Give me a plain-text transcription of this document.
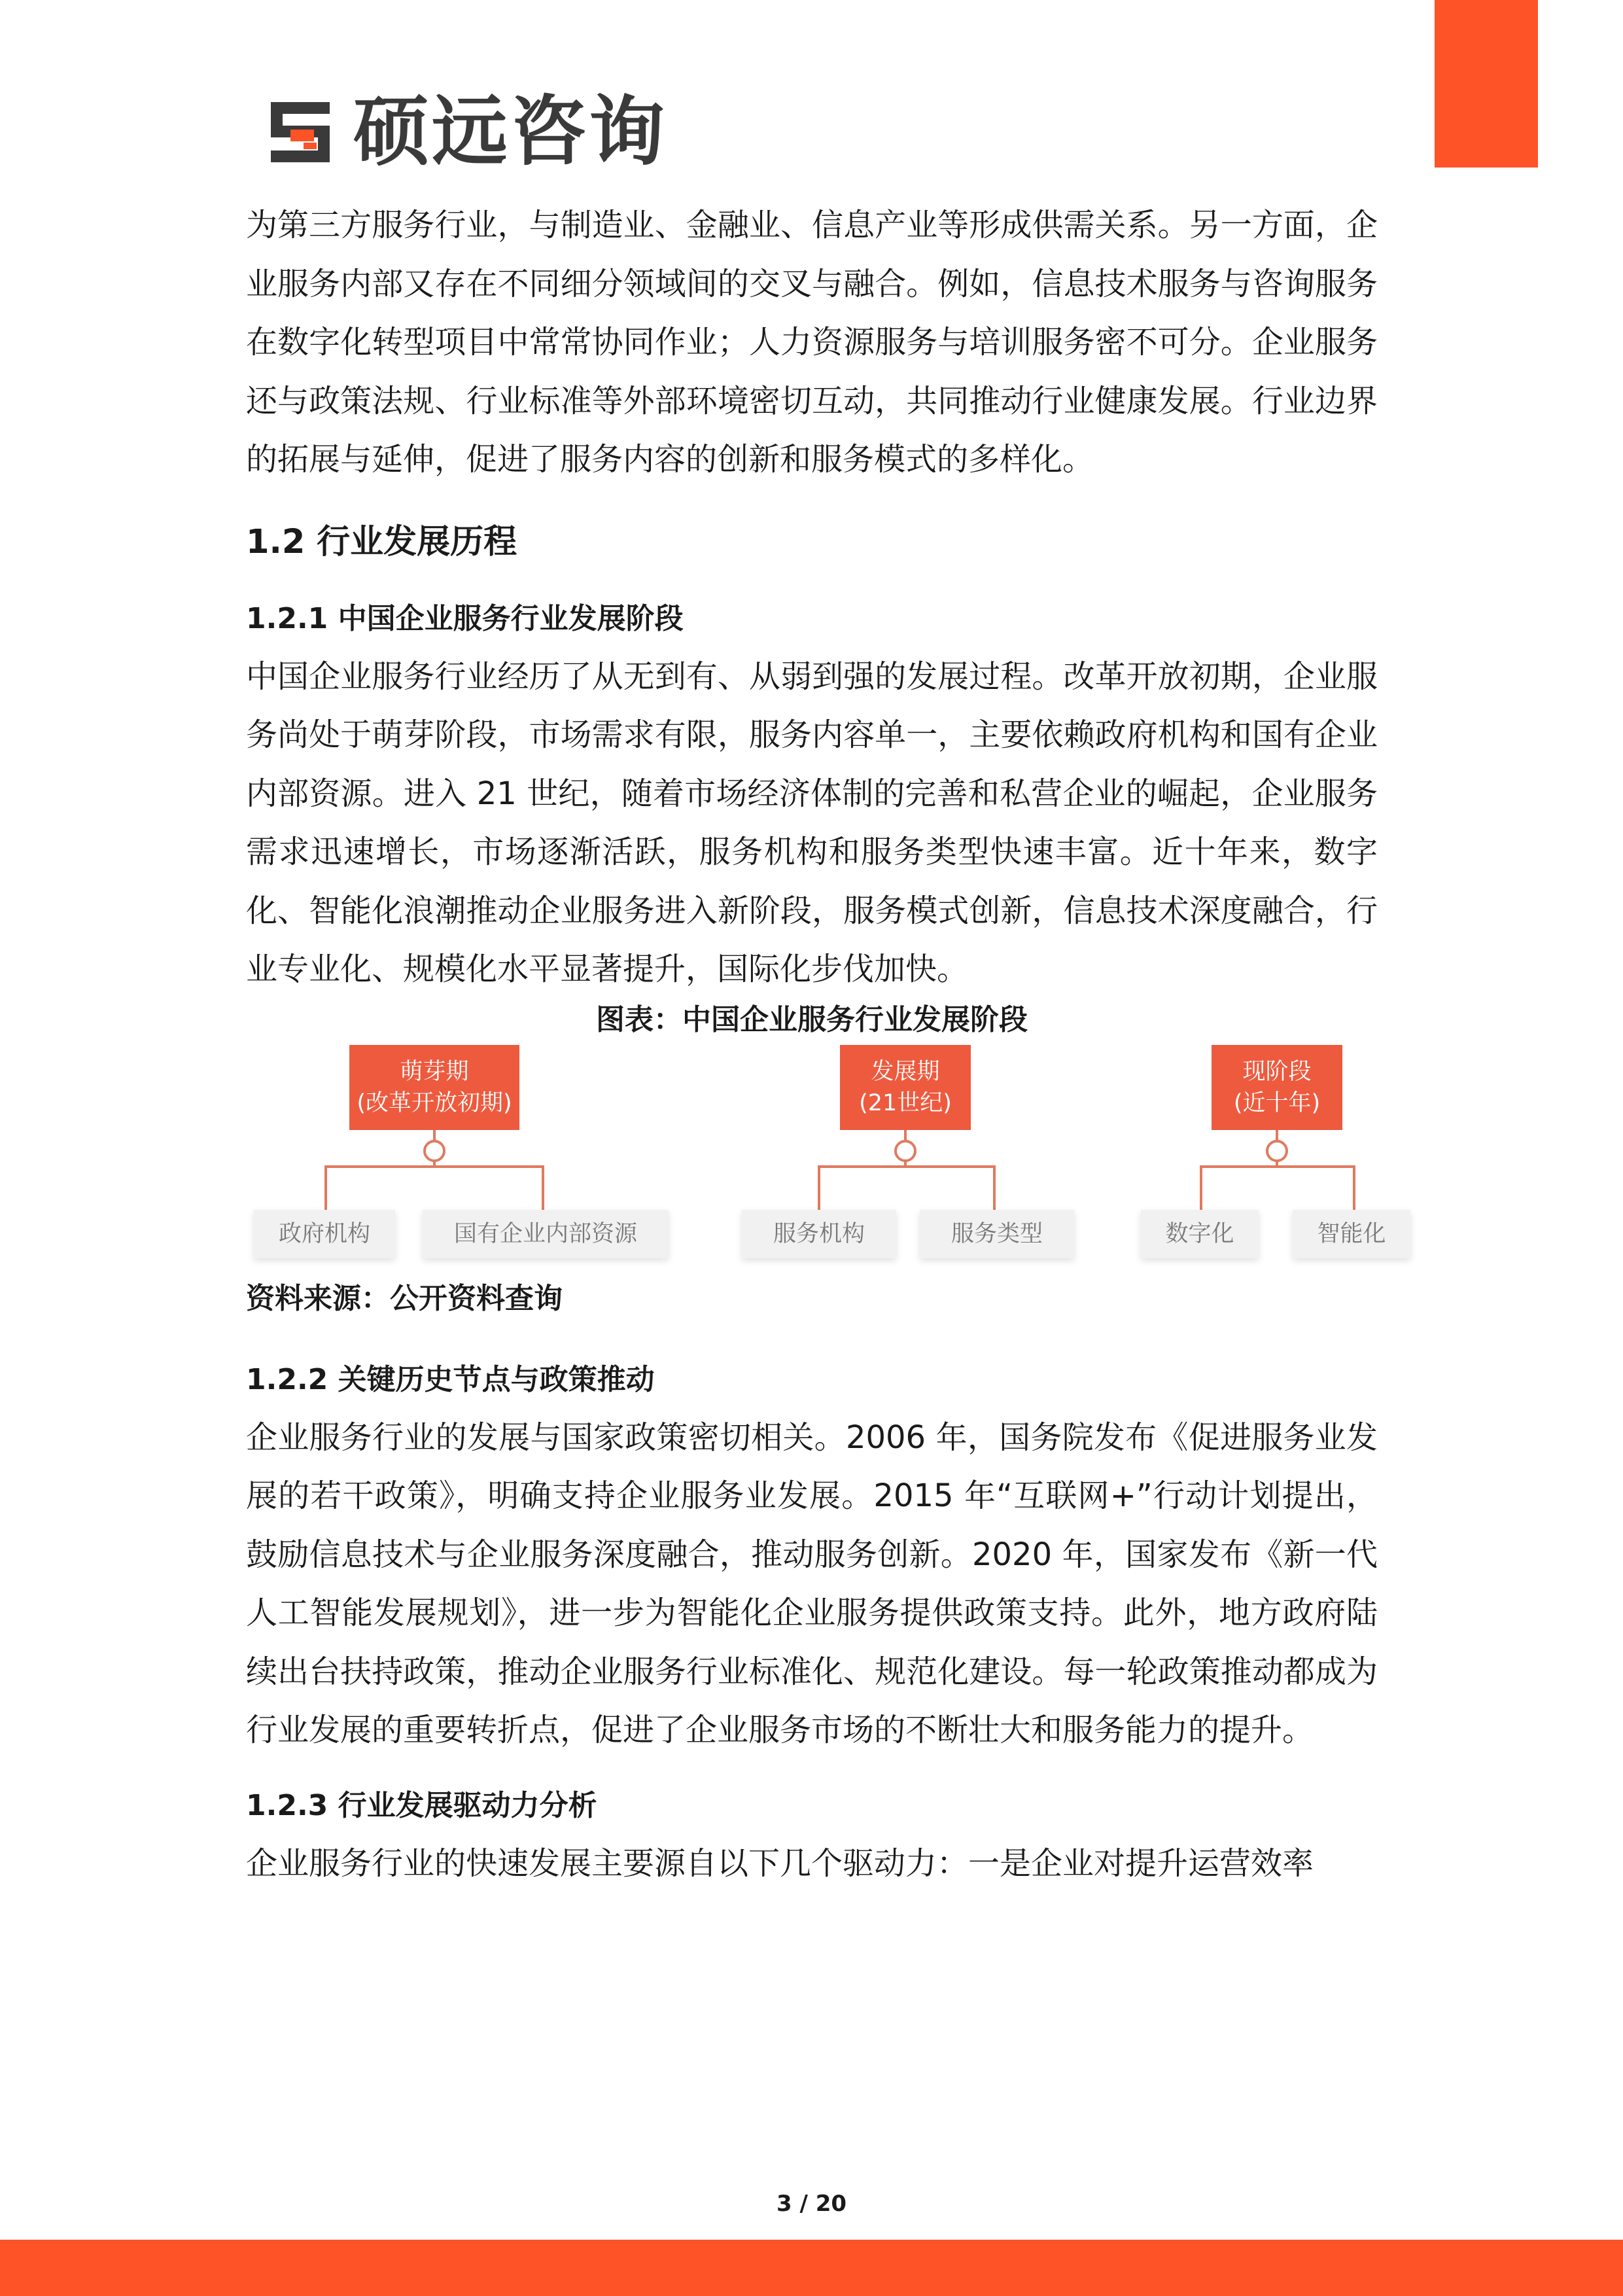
硕远咨询

为第三方服务行业，与制造业、金融业、信息产业等形成供需关系。另一方面，企业服务内部又存在不同细分领域间的交叉与融合。例如，信息技术服务与咨询服务在数字化转型项目中常常协同作业；人力资源服务与培训服务密不可分。企业服务还与政策法规、行业标准等外部环境密切互动，共同推动行业健康发展。行业边界的拓展与延伸，促进了服务内容的创新和服务模式的多样化。

1.2 行业发展历程
1.2.1 中国企业服务行业发展阶段

中国企业服务行业经历了从无到有、从弱到强的发展过程。改革开放初期，企业服务尚处于萌芽阶段，市场需求有限，服务内容单一，主要依赖政府机构和国有企业内部资源。进入 21 世纪，随着市场经济体制的完善和私营企业的崛起，企业服务需求迅速增长，市场逐渐活跃，服务机构和服务类型快速丰富。近十年来，数字化、智能化浪潮推动企业服务进入新阶段，服务模式创新，信息技术深度融合，行业专业化、规模化水平显著提升，国际化步伐加快。

图表：中国企业服务行业发展阶段

萌芽期
(改革开放初期)
发展期
(21世纪)
现阶段
(近十年)
政府机构	国有企业内部资源	服务机构	服务类型	数字化	智能化

资料来源：公开资料查询

1.2.2 关键历史节点与政策推动

企业服务行业的发展与国家政策密切相关。2006 年，国务院发布《促进服务业发展的若干政策》，明确支持企业服务业发展。2015 年“互联网+”行动计划提出，鼓励信息技术与企业服务深度融合，推动服务创新。2020 年，国家发布《新一代人工智能发展规划》，进一步为智能化企业服务提供政策支持。此外，地方政府陆续出台扶持政策，推动企业服务行业标准化、规范化建设。每一轮政策推动都成为行业发展的重要转折点，促进了企业服务市场的不断壮大和服务能力的提升。

1.2.3 行业发展驱动力分析

企业服务行业的快速发展主要源自以下几个驱动力：一是企业对提升运营效率

3 / 20
